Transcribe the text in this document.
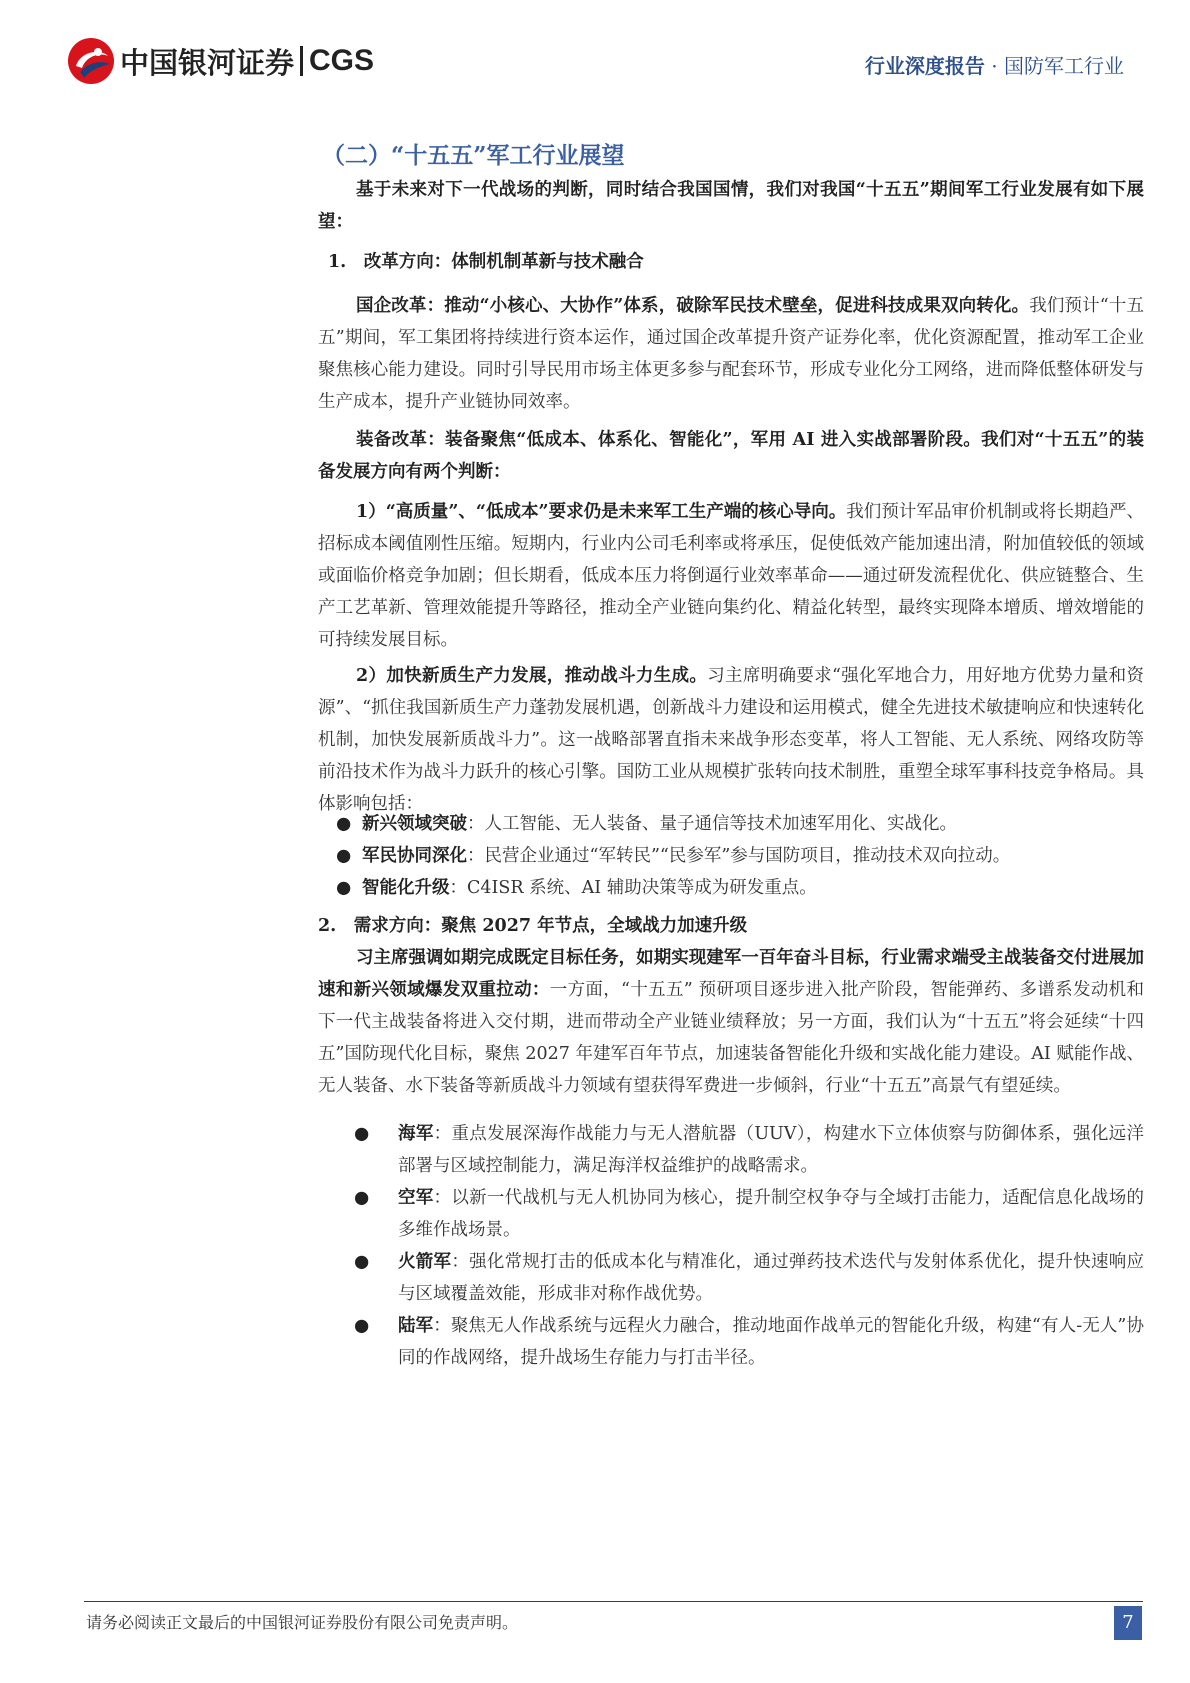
中国银河证券 CGS	行业深度报告 · 国防军工行业
（二）“十五五”军工行业展望

基于未来对下一代战场的判断，同时结合我国国情，我们对我国“十五五”期间军工行业发展有如下展望：

1.　改革方向：体制机制革新与技术融合

国企改革：推动“小核心、大协作”体系，破除军民技术壁垒，促进科技成果双向转化。我们预计“十五五”期间，军工集团将持续进行资本运作，通过国企改革提升资产证券化率，优化资源配置，推动军工企业聚焦核心能力建设。同时引导民用市场主体更多参与配套环节，形成专业化分工网络，进而降低整体研发与生产成本，提升产业链协同效率。

装备改革：装备聚焦“低成本、体系化、智能化”，军用 AI 进入实战部署阶段。我们对“十五五”的装备发展方向有两个判断：

1）“高质量”、“低成本”要求仍是未来军工生产端的核心导向。我们预计军品审价机制或将长期趋严、招标成本阈值刚性压缩。短期内，行业内公司毛利率或将承压，促使低效产能加速出清，附加值较低的领域或面临价格竞争加剧；但长期看，低成本压力将倒逼行业效率革命——通过研发流程优化、供应链整合、生产工艺革新、管理效能提升等路径，推动全产业链向集约化、精益化转型，最终实现降本增质、增效增能的可持续发展目标。

2）加快新质生产力发展，推动战斗力生成。习主席明确要求“强化军地合力，用好地方优势力量和资源”、“抓住我国新质生产力蓬勃发展机遇，创新战斗力建设和运用模式，健全先进技术敏捷响应和快速转化机制，加快发展新质战斗力”。这一战略部署直指未来战争形态变革，将人工智能、无人系统、网络攻防等前沿技术作为战斗力跃升的核心引擎。国防工业从规模扩张转向技术制胜，重塑全球军事科技竞争格局。具体影响包括：

● 新兴领域突破：人工智能、无人装备、量子通信等技术加速军用化、实战化。

● 军民协同深化：民营企业通过“军转民”“民参军”参与国防项目，推动技术双向拉动。

● 智能化升级：C4ISR 系统、AI 辅助决策等成为研发重点。

2.　需求方向：聚焦 2027 年节点，全域战力加速升级

习主席强调如期完成既定目标任务，如期实现建军一百年奋斗目标，行业需求端受主战装备交付进展加速和新兴领域爆发双重拉动：一方面，“十五五” 预研项目逐步进入批产阶段，智能弹药、多谱系发动机和下一代主战装备将进入交付期，进而带动全产业链业绩释放；另一方面，我们认为“十五五”将会延续“十四五”国防现代化目标，聚焦 2027 年建军百年节点，加速装备智能化升级和实战化能力建设。AI 赋能作战、无人装备、水下装备等新质战斗力领域有望获得军费进一步倾斜，行业“十五五”高景气有望延续。

● 海军：重点发展深海作战能力与无人潜航器（UUV），构建水下立体侦察与防御体系，强化远洋部署与区域控制能力，满足海洋权益维护的战略需求。

● 空军：以新一代战机与无人机协同为核心，提升制空权争夺与全域打击能力，适配信息化战场的多维作战场景。

● 火箭军：强化常规打击的低成本化与精准化，通过弹药技术迭代与发射体系优化，提升快速响应与区域覆盖效能，形成非对称作战优势。

● 陆军：聚焦无人作战系统与远程火力融合，推动地面作战单元的智能化升级，构建“有人-无人”协同的作战网络，提升战场生存能力与打击半径。

请务必阅读正文最后的中国银河证券股份有限公司免责声明。	7
